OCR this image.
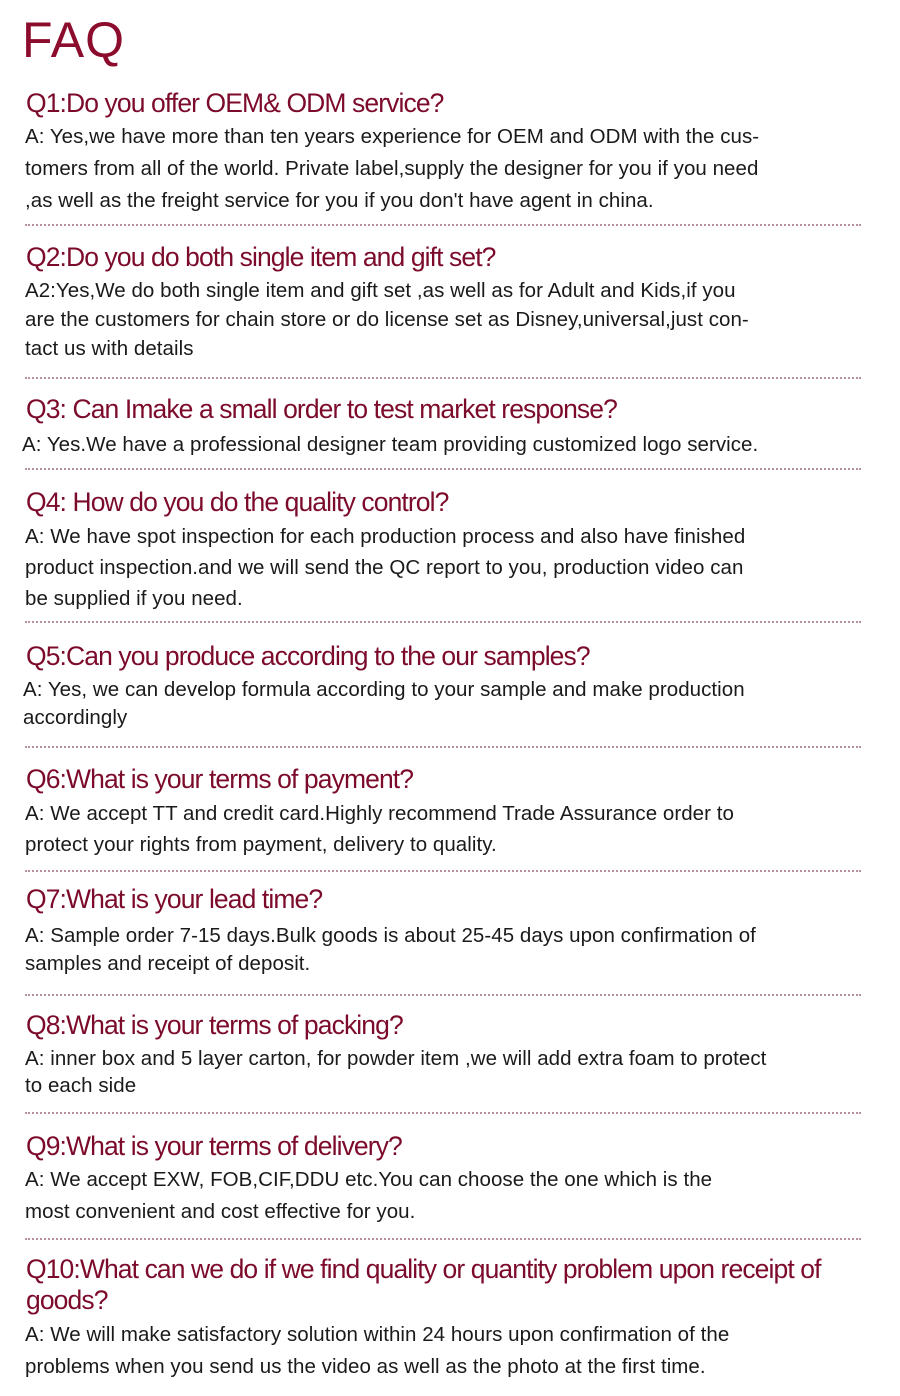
FAQ
Q1:Do you offer OEM& ODM service?
A: Yes,we have more than ten years experience for OEM and ODM with the cus-
tomers from all of the world. Private label,supply the designer for you if you need
,as well as the freight service for you if you don't have agent in china.
Q2:Do you do both single item and gift set?
A2:Yes,We do both single item and gift set ,as well as for Adult and Kids,if you
are the customers for chain store or do license set as Disney,universal,just con-
tact us with details
Q3: Can Imake a small order to test market response?
A: Yes.We have a professional designer team providing customized logo service.
Q4: How do you do the quality control?
A: We have spot inspection for each production process and also have finished
product inspection.and we will send the QC report to you, production video can
be supplied if you need.
Q5:Can you produce according to the our samples?
A: Yes, we can develop formula according to your sample and make production
accordingly
Q6:What is your terms of payment?
A: We accept TT and credit card.Highly recommend Trade Assurance order to
protect your rights from payment, delivery to quality.
Q7:What is your lead time?
A: Sample order 7-15 days.Bulk goods is about 25-45 days upon confirmation of
samples and receipt of deposit.
Q8:What is your terms of packing?
A: inner box and 5 layer carton, for powder item ,we will add extra foam to protect
to each side
Q9:What is your terms of delivery?
A: We accept EXW, FOB,CIF,DDU etc.You can choose the one which is the
most convenient and cost effective for you.
Q10:What can we do if we find quality or quantity problem upon receipt of goods?
A: We will make satisfactory solution within 24 hours upon confirmation of the
problems when you send us the video as well as the photo at the first time.
